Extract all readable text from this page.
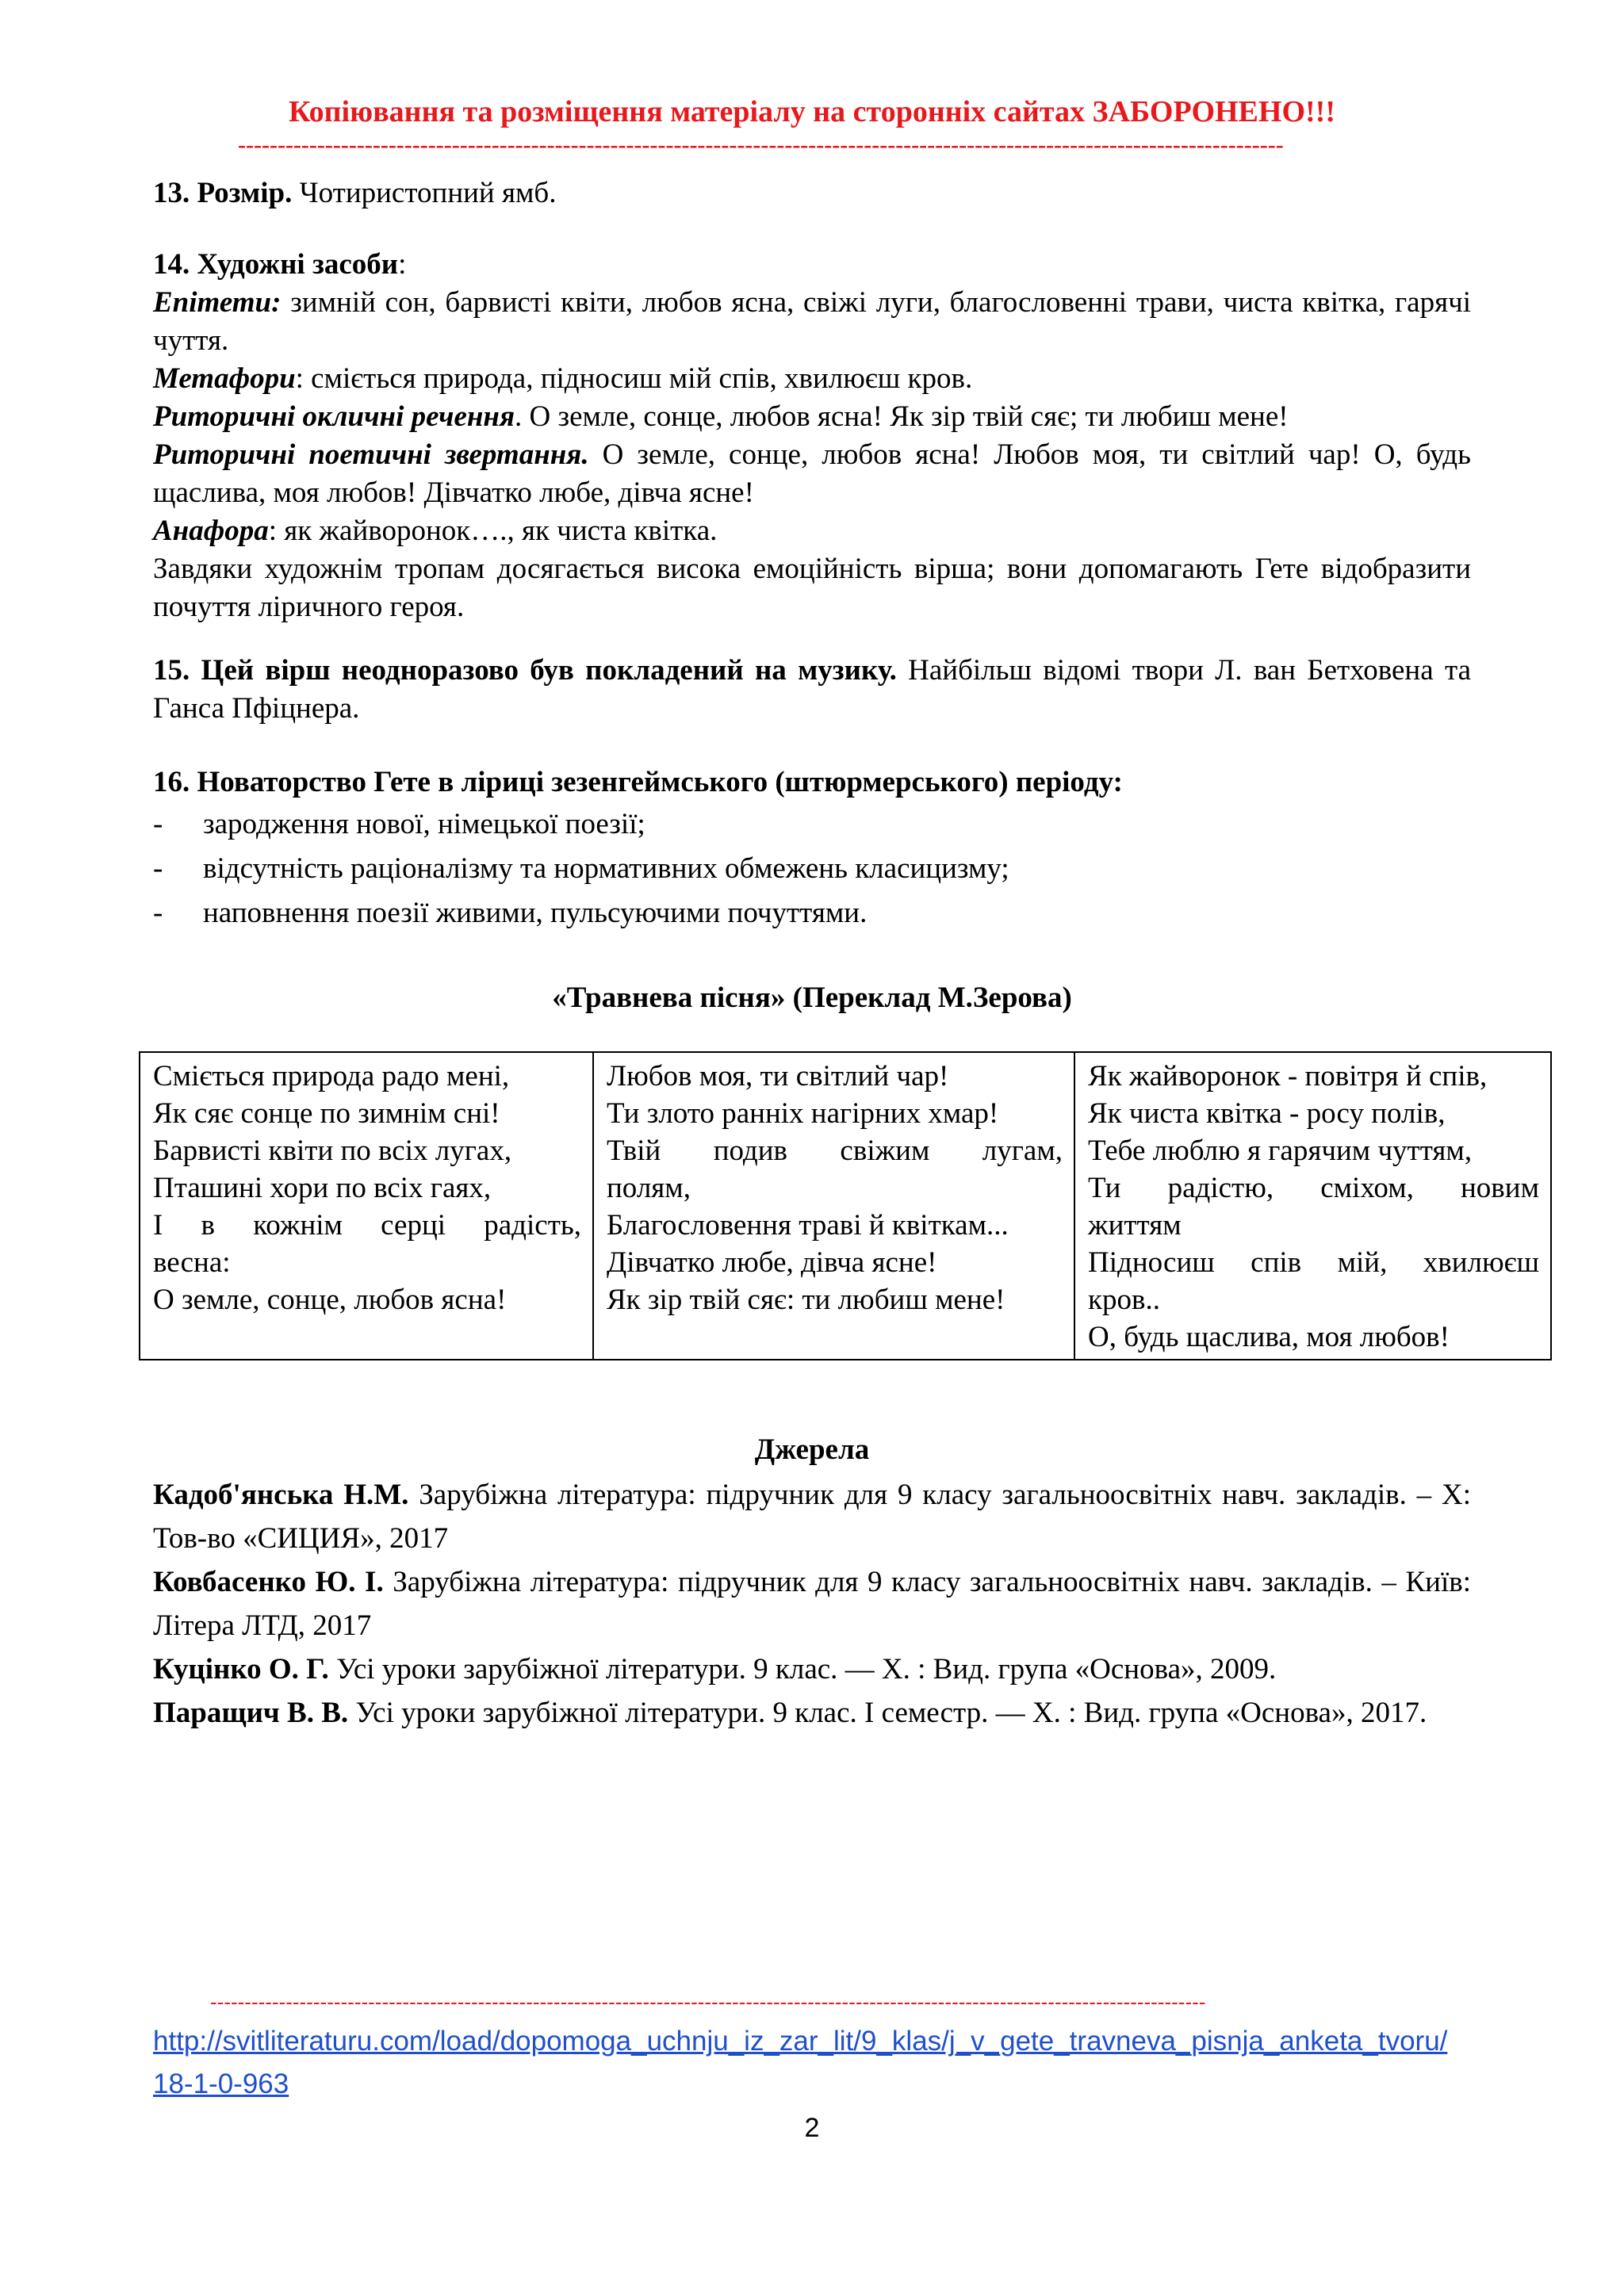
Копіювання та розміщення матеріалу на сторонніх сайтах ЗАБОРОНЕНО!!!
------------------------------------------------------------------------------------------------------------------------------------

13. Розмір. Чотиристопний ямб.

14. Художні засоби:

Епітети: зимній сон, барвисті квіти, любов ясна, свіжі луги, благословенні трави, чиста квітка, гарячі чуття.

Метафори: сміється природа, підносиш мій спів, хвилюєш кров.

Риторичні окличні речення. О земле, сонце, любов ясна! Як зір твій сяє; ти любиш мене!

Риторичні поетичні звертання. О земле, сонце, любов ясна! Любов моя, ти світлий чар! О, будь щаслива, моя любов! Дівчатко любе, дівча ясне!

Анафора: як жайворонок…., як чиста квітка.

Завдяки художнім тропам досягається висока емоційність вірша; вони допомагають Гете відобразити почуття ліричного героя.

15. Цей вірш неодноразово був покладений на музику. Найбільш відомі твори Л. ван Бетховена та Ганса Пфіцнера.

16. Новаторство Гете в ліриці зезенгеймського (штюрмерського) періоду:

- зародження нової, німецької поезії;
- відсутність раціоналізму та нормативних обмежень класицизму;
- наповнення поезії живими, пульсуючими почуттями.

«Травнева пісня» (Переклад М.Зерова)

Сміється природа радо мені,
Як сяє сонце по зимнім сні!
Барвисті квіти по всіх лугах,
Пташині хори по всіх гаях,
І в кожнім серці радість,
весна:
О земле, сонце, любов ясна!

Любов моя, ти світлий чар!
Ти злото ранніх нагірних хмар!
Твій подив свіжим лугам,
полям,
Благословення траві й квіткам...
Дівчатко любе, дівча ясне!
Як зір твій сяє: ти любиш мене!

Як жайворонок - повітря й спів,
Як чиста квітка - росу полів,
Тебе люблю я гарячим чуттям,
Ти радістю, сміхом, новим
життям
Підносиш спів мій, хвилюєш
кров..
О, будь щаслива, моя любов!

Джерела

Кадоб'янська Н.М. Зарубіжна література: підручник для 9 класу загальноосвітніх навч. закладів. – Х: Тов-во «СИЦИЯ», 2017

Ковбасенко Ю. І. Зарубіжна література: підручник для 9 класу загальноосвітніх навч. закладів. – Київ: Літера ЛТД, 2017

Куцінко О. Г. Усі уроки зарубіжної літератури. 9 клас. — Х. : Вид. група «Основа», 2009.

Паращич В. В. Усі уроки зарубіжної літератури. 9 клас. І семестр. — Х. : Вид. група «Основа», 2017.

-------------------------------------------------------------------------------------------------------------------------------------------------
http://svitliteraturu.com/load/dopomoga_uchnju_iz_zar_lit/9_klas/j_v_gete_travneva_pisnja_anketa_tvoru/
18-1-0-963
2
